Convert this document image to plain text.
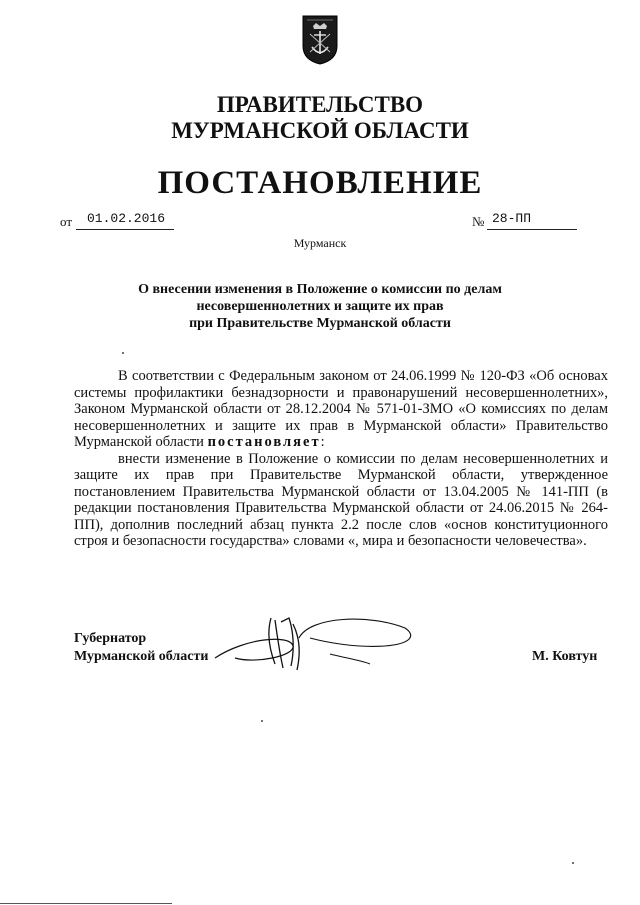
ПРАВИТЕЛЬСТВО
МУРМАНСКОЙ ОБЛАСТИ
ПОСТАНОВЛЕНИЕ
от 01.02.2016	№ 28-ПП
Мурманск
О внесении изменения в Положение о комиссии по делам
несовершеннолетних и защите их прав
при Правительстве Мурманской области

В соответствии с Федеральным законом от 24.06.1999 № 120-ФЗ «Об основах системы профилактики безнадзорности и правонарушений несовершеннолетних», Законом Мурманской области от 28.12.2004 № 571-01-ЗМО «О комиссиях по делам несовершеннолетних и защите их прав в Мурманской области» Правительство Мурманской области постановляет:

внести изменение в Положение о комиссии по делам несовершеннолетних и защите их прав при Правительстве Мурманской области, утвержденное постановлением Правительства Мурманской области от 13.04.2005 № 141-ПП (в редакции постановления Правительства Мурманской области от 24.06.2015 № 264-ПП), дополнив последний абзац пункта 2.2 после слов «основ конституционного строя и безопасности государства» словами «, мира и безопасности человечества».

Губернатор
Мурманской области	М. Ковтун
